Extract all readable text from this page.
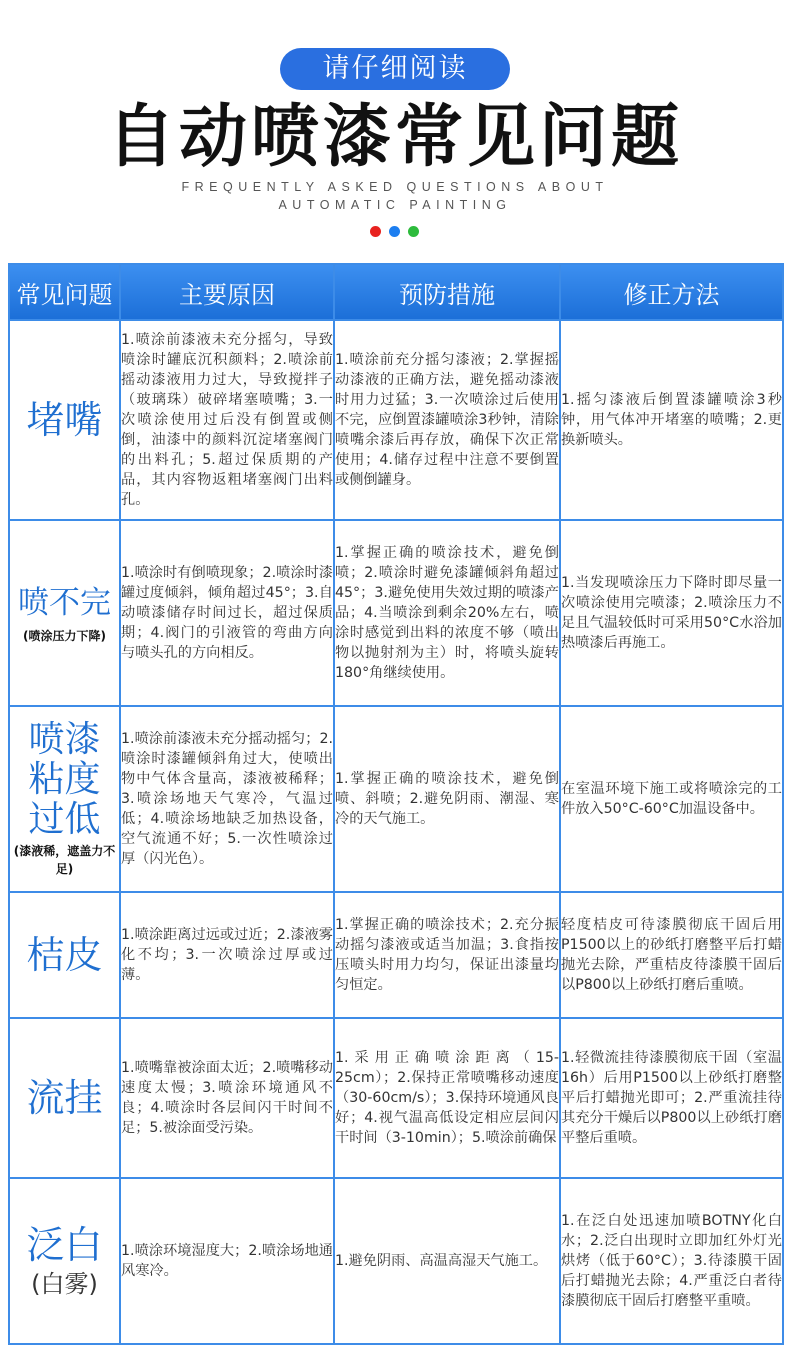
请仔细阅读
自动喷漆常见问题
FREQUENTLY ASKED QUESTIONS ABOUT
AUTOMATIC PAINTING
常见问题	主要原因	预防措施	修正方法

堵嘴	1.喷涂前漆液未充分摇匀，导致喷涂时罐底沉积颜料；2.喷涂前摇动漆液用力过大，导致搅拌子（玻璃珠）破碎堵塞喷嘴；3.一次喷涂使用过后没有倒置或侧倒，油漆中的颜料沉淀堵塞阀门的出料孔；5.超过保质期的产品，其内容物返粗堵塞阀门出料孔。	1.喷涂前充分摇匀漆液；2.掌握摇动漆液的正确方法，避免摇动漆液时用力过猛；3.一次喷涂过后使用不完，应倒置漆罐喷涂3秒钟，清除喷嘴余漆后再存放，确保下次正常使用；4.储存过程中注意不要倒置或侧倒罐身。	1.摇匀漆液后倒置漆罐喷涂3秒钟，用气体冲开堵塞的喷嘴；2.更换新喷头。

喷不完
(喷涂压力下降)	1.喷涂时有倒喷现象；2.喷涂时漆罐过度倾斜，倾角超过45°；3.自动喷漆储存时间过长，超过保质期；4.阀门的引液管的弯曲方向与喷头孔的方向相反。	1.掌握正确的喷涂技术，避免倒喷；2.喷涂时避免漆罐倾斜角超过45°；3.避免使用失效过期的喷漆产品；4.当喷涂到剩余20%左右，喷涂时感觉到出料的浓度不够（喷出物以抛射剂为主）时，将喷头旋转180°角继续使用。	1.当发现喷涂压力下降时即尽量一次喷涂使用完喷漆；2.喷涂压力不足且气温较低时可采用50°C水浴加热喷漆后再施工。

喷漆粘度过低
(漆液稀，遮盖力不足)	1.喷涂前漆液未充分摇动摇匀；2.喷涂时漆罐倾斜角过大，使喷出物中气体含量高，漆液被稀释；3.喷涂场地天气寒冷，气温过低；4.喷涂场地缺乏加热设备，空气流通不好；5.一次性喷涂过厚（闪光色）。	1.掌握正确的喷涂技术，避免倒喷、斜喷；2.避免阴雨、潮湿、寒冷的天气施工。	在室温环境下施工或将喷涂完的工件放入50°C-60°C加温设备中。

桔皮	1.喷涂距离过远或过近；2.漆液雾化不均；3.一次喷涂过厚或过薄。	1.掌握正确的喷涂技术；2.充分振动摇匀漆液或适当加温；3.食指按压喷头时用力均匀，保证出漆量均匀恒定。	轻度桔皮可待漆膜彻底干固后用P1500以上的砂纸打磨整平后打蜡抛光去除，严重桔皮待漆膜干固后以P800以上砂纸打磨后重喷。

流挂	1.喷嘴靠被涂面太近；2.喷嘴移动速度太慢；3.喷涂环境通风不良；4.喷涂时各层间闪干时间不足；5.被涂面受污染。	1.采用正确喷涂距离（15-25cm）；2.保持正常喷嘴移动速度（30-60cm/s）；3.保持环境通风良好；4.视气温高低设定相应层间闪干时间（3-10min）；5.喷涂前确保	1.轻微流挂待漆膜彻底干固（室温16h）后用P1500以上砂纸打磨整平后打蜡抛光即可；2.严重流挂待其充分干燥后以P800以上砂纸打磨平整后重喷。

泛白
(白雾)	1.喷涂环境湿度大；2.喷涂场地通风寒冷。	1.避免阴雨、高温高湿天气施工。	1.在泛白处迅速加喷BOTNY化白水；2.泛白出现时立即加红外灯光烘烤（低于60°C）；3.待漆膜干固后打蜡抛光去除；4.严重泛白者待漆膜彻底干固后打磨整平重喷。
